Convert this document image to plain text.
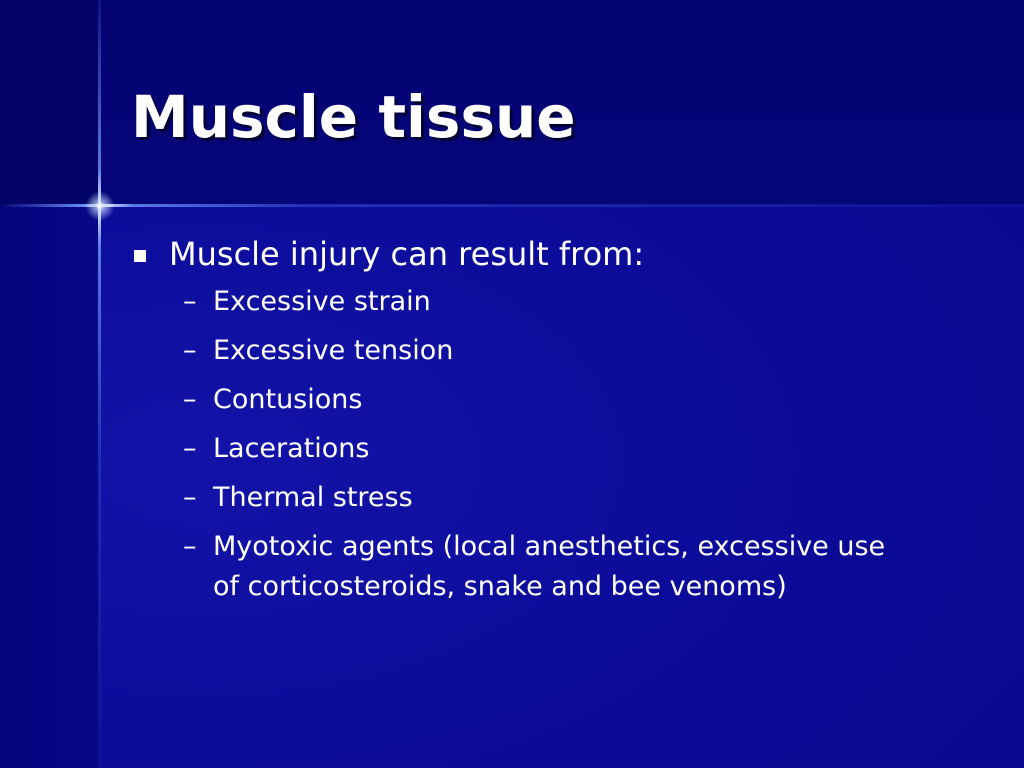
Muscle tissue
Muscle injury can result from:
– Excessive strain
– Excessive tension
– Contusions
– Lacerations
– Thermal stress
– Myotoxic agents (local anesthetics, excessive use of corticosteroids, snake and bee venoms)
